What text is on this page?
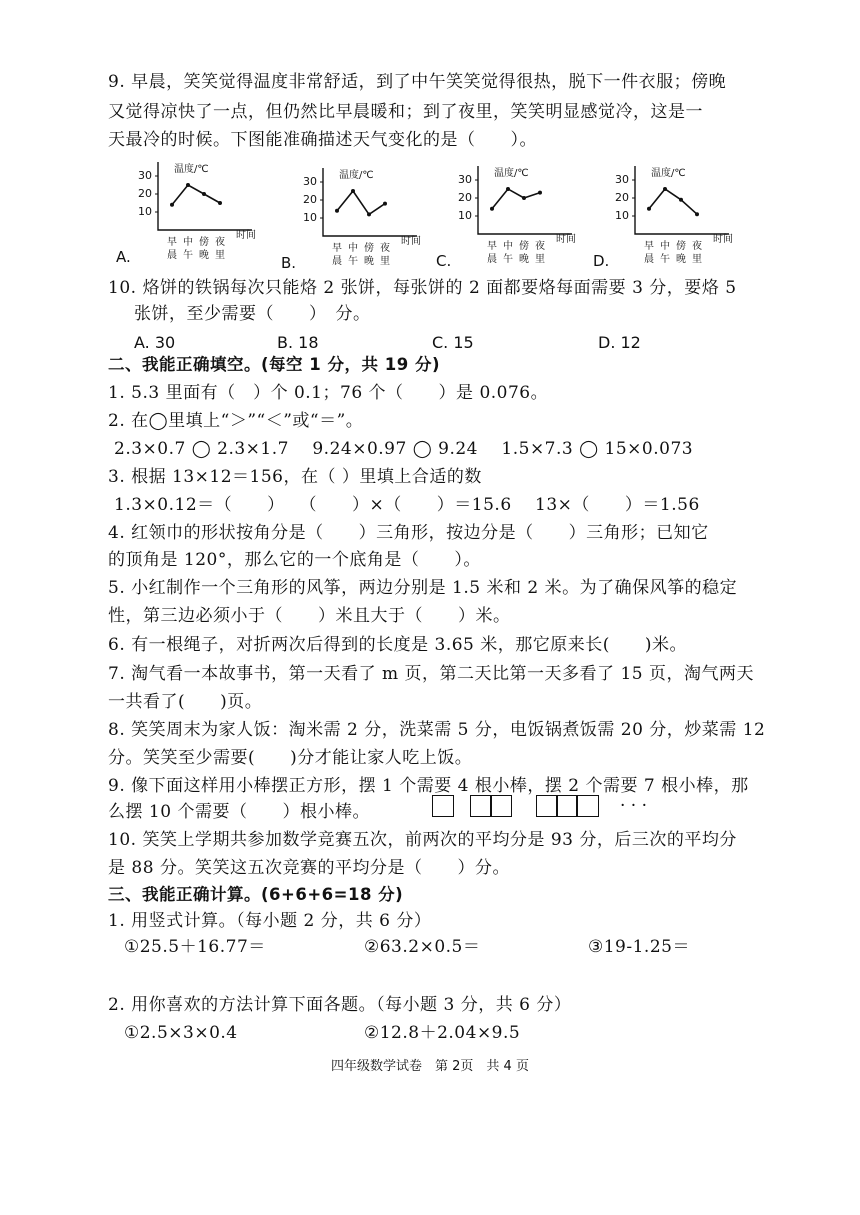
9. 早晨，笑笑觉得温度非常舒适，到了中午笑笑觉得很热，脱下一件衣服；傍晚
又觉得凉快了一点，但仍然比早晨暖和；到了夜里，笑笑明显感觉冷，这是一
天最冷的时候。下图能准确描述天气变化的是（　　）。
温度/℃
30
20
10
早 中 傍 夜
晨 午 晚 里
时间
A.
温度/℃
30
20
10
早 中 傍 夜
晨 午 晚 里
时间
B.
温度/℃
30
20
10
早 中 傍 夜
晨 午 晚 里
时间
C.
温度/℃
30
20
10
早 中 傍 夜
晨 午 晚 里
时间
D.
10. 烙饼的铁锅每次只能烙 2 张饼，每张饼的 2 面都要烙每面需要 3 分，要烙 5
张饼，至少需要（　　）　分。
A. 30	B. 18	C. 15	D. 12
二、我能正确填空。(每空 1 分，共 19 分)
1. 5.3 里面有（　）个 0.1；76 个（　　）是 0.076。
2. 在◯里填上“＞”“＜”或“＝”。
2.3×0.7 ◯ 2.3×1.7　 9.24×0.97 ◯ 9.24　 1.5×7.3 ◯ 15×0.073
3. 根据 13×12＝156，在（ ）里填上合适的数
1.3×0.12＝（　　）　 （　　）×（　　）＝15.6　 13×（　　）＝1.56
4. 红领巾的形状按角分是（　　）三角形，按边分是（　　）三角形；已知它
的顶角是 120°，那么它的一个底角是（　　）。
5. 小红制作一个三角形的风筝，两边分别是 1.5 米和 2 米。为了确保风筝的稳定
性，第三边必须小于（　　）米且大于（　　）米。
6. 有一根绳子，对折两次后得到的长度是 3.65 米，那它原来长(　　)米。
7. 淘气看一本故事书，第一天看了 m 页，第二天比第一天多看了 15 页，淘气两天
一共看了(　　)页。
8. 笑笑周末为家人饭：淘米需 2 分，洗菜需 5 分，电饭锅煮饭需 20 分，炒菜需 12
分。笑笑至少需要(　　)分才能让家人吃上饭。
9. 像下面这样用小棒摆正方形，摆 1 个需要 4 根小棒，摆 2 个需要 7 根小棒，那
么摆 10 个需要（　　）根小棒。	· · ·
10. 笑笑上学期共参加数学竞赛五次，前两次的平均分是 93 分，后三次的平均分
是 88 分。笑笑这五次竞赛的平均分是（　　）分。
三、我能正确计算。(6+6+6=18 分)
1. 用竖式计算。（每小题 2 分，共 6 分）
①25.5＋16.77＝	②63.2×0.5＝	③19-1.25＝
2. 用你喜欢的方法计算下面各题。（每小题 3 分，共 6 分）
①2.5×3×0.4	②12.8＋2.04×9.5
四年级数学试卷　第 2页　共 4 页
